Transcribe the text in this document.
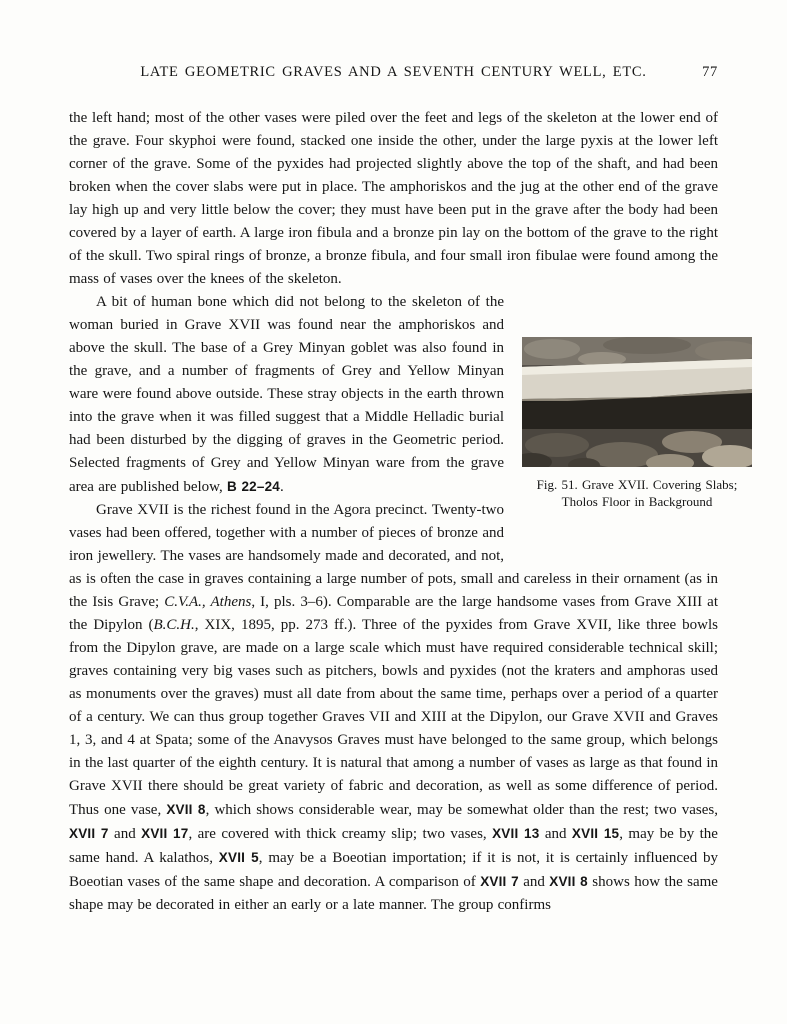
LATE GEOMETRIC GRAVES AND A SEVENTH CENTURY WELL, ETC.	77
the left hand; most of the other vases were piled over the feet and legs of the skeleton at the lower end of the grave. Four skyphoi were found, stacked one inside the other, under the large pyxis at the lower left corner of the grave. Some of the pyxides had projected slightly above the top of the shaft, and had been broken when the cover slabs were put in place. The amphoriskos and the jug at the other end of the grave lay high up and very little below the cover; they must have been put in the grave after the body had been covered by a layer of earth. A large iron fibula and a bronze pin lay on the bottom of the grave to the right of the skull. Two spiral rings of bronze, a bronze fibula, and four small iron fibulae were found among the mass of vases over the knees of the skeleton.
Fig. 51. Grave XVII. Covering Slabs; Tholos Floor in Background
A bit of human bone which did not belong to the skeleton of the woman buried in Grave XVII was found near the amphoriskos and above the skull. The base of a Grey Minyan goblet was also found in the grave, and a number of fragments of Grey and Yellow Minyan ware were found above outside. These stray objects in the earth thrown into the grave when it was filled suggest that a Middle Helladic burial had been disturbed by the digging of graves in the Geometric period. Selected fragments of Grey and Yellow Minyan ware from the grave area are published below, B 22–24.
Grave XVII is the richest found in the Agora precinct. Twenty-two vases had been offered, together with a number of pieces of bronze and iron jewellery. The vases are handsomely made and decorated, and not, as is often the case in graves containing a large number of pots, small and careless in their ornament (as in the Isis Grave; C.V.A., Athens, I, pls. 3–6). Comparable are the large handsome vases from Grave XIII at the Dipylon (B.C.H., XIX, 1895, pp. 273 ff.). Three of the pyxides from Grave XVII, like three bowls from the Dipylon grave, are made on a large scale which must have required considerable technical skill; graves containing very big vases such as pitchers, bowls and pyxides (not the kraters and amphoras used as monuments over the graves) must all date from about the same time, perhaps over a period of a quarter of a century. We can thus group together Graves VII and XIII at the Dipylon, our Grave XVII and Graves 1, 3, and 4 at Spata; some of the Anavysos Graves must have belonged to the same group, which belongs in the last quarter of the eighth century. It is natural that among a number of vases as large as that found in Grave XVII there should be great variety of fabric and decoration, as well as some difference of period. Thus one vase, XVII 8, which shows considerable wear, may be somewhat older than the rest; two vases, XVII 7 and XVII 17, are covered with thick creamy slip; two vases, XVII 13 and XVII 15, may be by the same hand. A kalathos, XVII 5, may be a Boeotian importation; if it is not, it is certainly influenced by Boeotian vases of the same shape and decoration. A comparison of XVII 7 and XVII 8 shows how the same shape may be decorated in either an early or a late manner. The group confirms
